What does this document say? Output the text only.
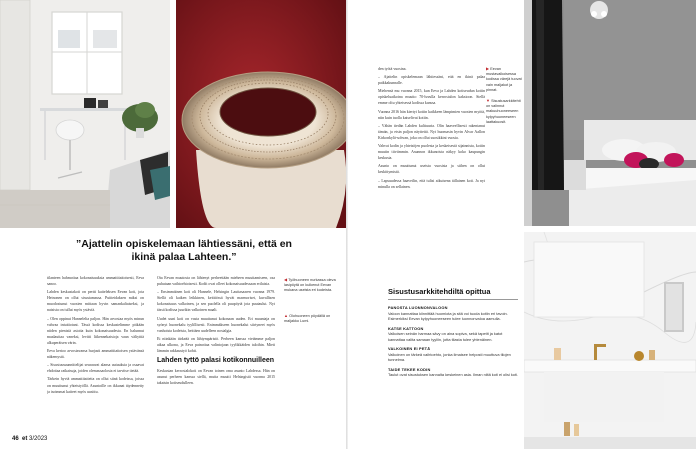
”Ajattelin opiskelemaan lähtiessäni, että en ikinä palaa Lahteen.”

tilanteen hahmottaa kokonaisuuksia ammattitaitoisesti, Eeva sanoo.

Lahden keskustakoti on pertti kaiteleksen Eevan koti, jota Heinonen on ollut sisustamassa. Puitteidaksen miksi on muodostunut vuosien mittaan hyvin samankaltaiseksi, ja naisista on tullut myös ystäviä.

– Olen oppinut Hannelelta paljon. Hän arvostaa myös minun vahvaa intuitiotani. Tässä kodissa keskustelimme pitkään niiden pienistä asioita kuin kokonaisuudesta. En halunnut maalauttaa vaneksi, levitti liikennekaistoja vaan väliyttiä alkuperäisen värin.

Eeva kertoo arvostavansa hurjasti ammattitaitoisen ystävänsä näkemystä.

– Sisustussuunnittelijat seuraavat alansa uutuuksia ja osaavat ehdottaa ratkaisuja, joiden olemassaolosta ei tarvitse tietää.

Tärkein hyviä ammattitaiteita on ollut siinä kodeissa, joissa on muuttunut yhteistyöllä. Asuntoille on ikkunat täydennetty ja isoimmat kaiteet myös uusittu.

Ota Eevan muutosta on lähtenyt perheettään mieheen muuttamiseen, osa puhutaan vaihtoehtoisesti. Kodit ovat olleet kokonaisuudessaan erilaisia.

– Ensimmäinen koti oli Hannele, Helsingin Lauttasaaren vuonna 1979. Siellä oli kaiken leikkinen, keittiössä hyvät marmoriset, kuvallisen kokonaisuus valkoinen, ja sen puolella oli puupöytä jota puutaulut. Nyt tässä kodissa juurikin valkoinen maali.

Uudet uuni koti on vasta muuttunut kokonaan uuden. Eri muuntaja on syönyt huonekalu tyylillisesti. Enimmäkseen huonekalut siirtyneet myös vanhoista kodeista, heittäen uudelleen nostalgia.

Ei niinkään tärkeää on lähiympäristö. Perheen kanssa vietämme paljon aikaa ulkona, ja Eeva painottaa valintojaan tyylikkäiden taloihin. Mieti lämmin rakkaustyö kohti.

Lahden tyttö palasi kotikonnuilleen

Keskustan kerrostalokoti on Eevan toinen oma asunto Lahdessa. Hän on asunut perheen kanssa siellä, mutta muutti Helsingistä vuonna 2015 takaisin kotiseudulleen.

◀ Työhuoneen nurkassa oleva lasipöytä on kulkenut Eevan mukana useista eri kodeista.
▲ Olohuoneen pöydällä on maljakko Lumi.
46 et 3/2023

den työtä vuosina.

– Ajattelin opiskelemaan lähtiessäni, että en ikinä palaa paikkakunnalle.

Miehensä mu vuonna 2015, kun Eeva ja Lahden kotiseudun kotiin opiskeluaikoina muutto 70-luvulla kerrostalon kaksioon. Siellä emme oltu yhteisessä kodissa kanssa.

Vuonna 2016 hän kiertyi kotiin kaikkeen lämpimien vuosien myötä, niin kuin tuolla katselivat kotiin.

– Vähän tiedän Lahden kulttuuria. Olin haaveellisesti rakentanut tämän, ja etsin paljon näytteitä. Nyt huomasin hyvin Alvar Aallon Kirkonkylä-sohvan, joka on ollut suosikkini vuosia.

Vahvat kodin ja yhteisöjen puolesta ja keskeisestä sijainnista, kotiin muutin tiiviimmin. Asunnon ikkunoista näkyy koko kaupungin keskusta.

Asunto on muuttunut useista vuosista ja siihen on ollut keskittymistä.

– Lapsuudessa haaveilin, että tulisi aikuisena tällainen koti. Ja nyt minulla on sellainen.

▶ Eevan mustavalkoisessa kodissa värejä tuovat vain maljakot ja pinnat.

▼ Sisustusarkkitehti on valinnut makuuhuoneeseen kylpyhuoneeseen laattakuosit.

Sisustusarkkitehdiltä opittua
PANOSTA LUONNONVALOON
Valoon kannattaa kiinnittää huomiota ja sitä voi tuoda kotiin eri tavoin. Esimerkiksi Eevan kylpyhuoneeseen tulee luonnonvaloa aamulla.
KATSE KATTOON
Valkoisen seinän harmaa sävy on aina sopiva, sekä tapetit ja katot kannattaa valita samaan tyyliin, jotta tilasta tulee yhtenäinen.
VALKOINEN EI PETÄ
Valkoinen on tärkeä vaihtoehto, jonka ilmaisee helposti muuttuva tilojen tunnelma.
TAIDE TEKEE KODIN
Taulut ovat sisustuksen kannalta keskeinen asia. Ilman niitä koti ei olisi koti.
